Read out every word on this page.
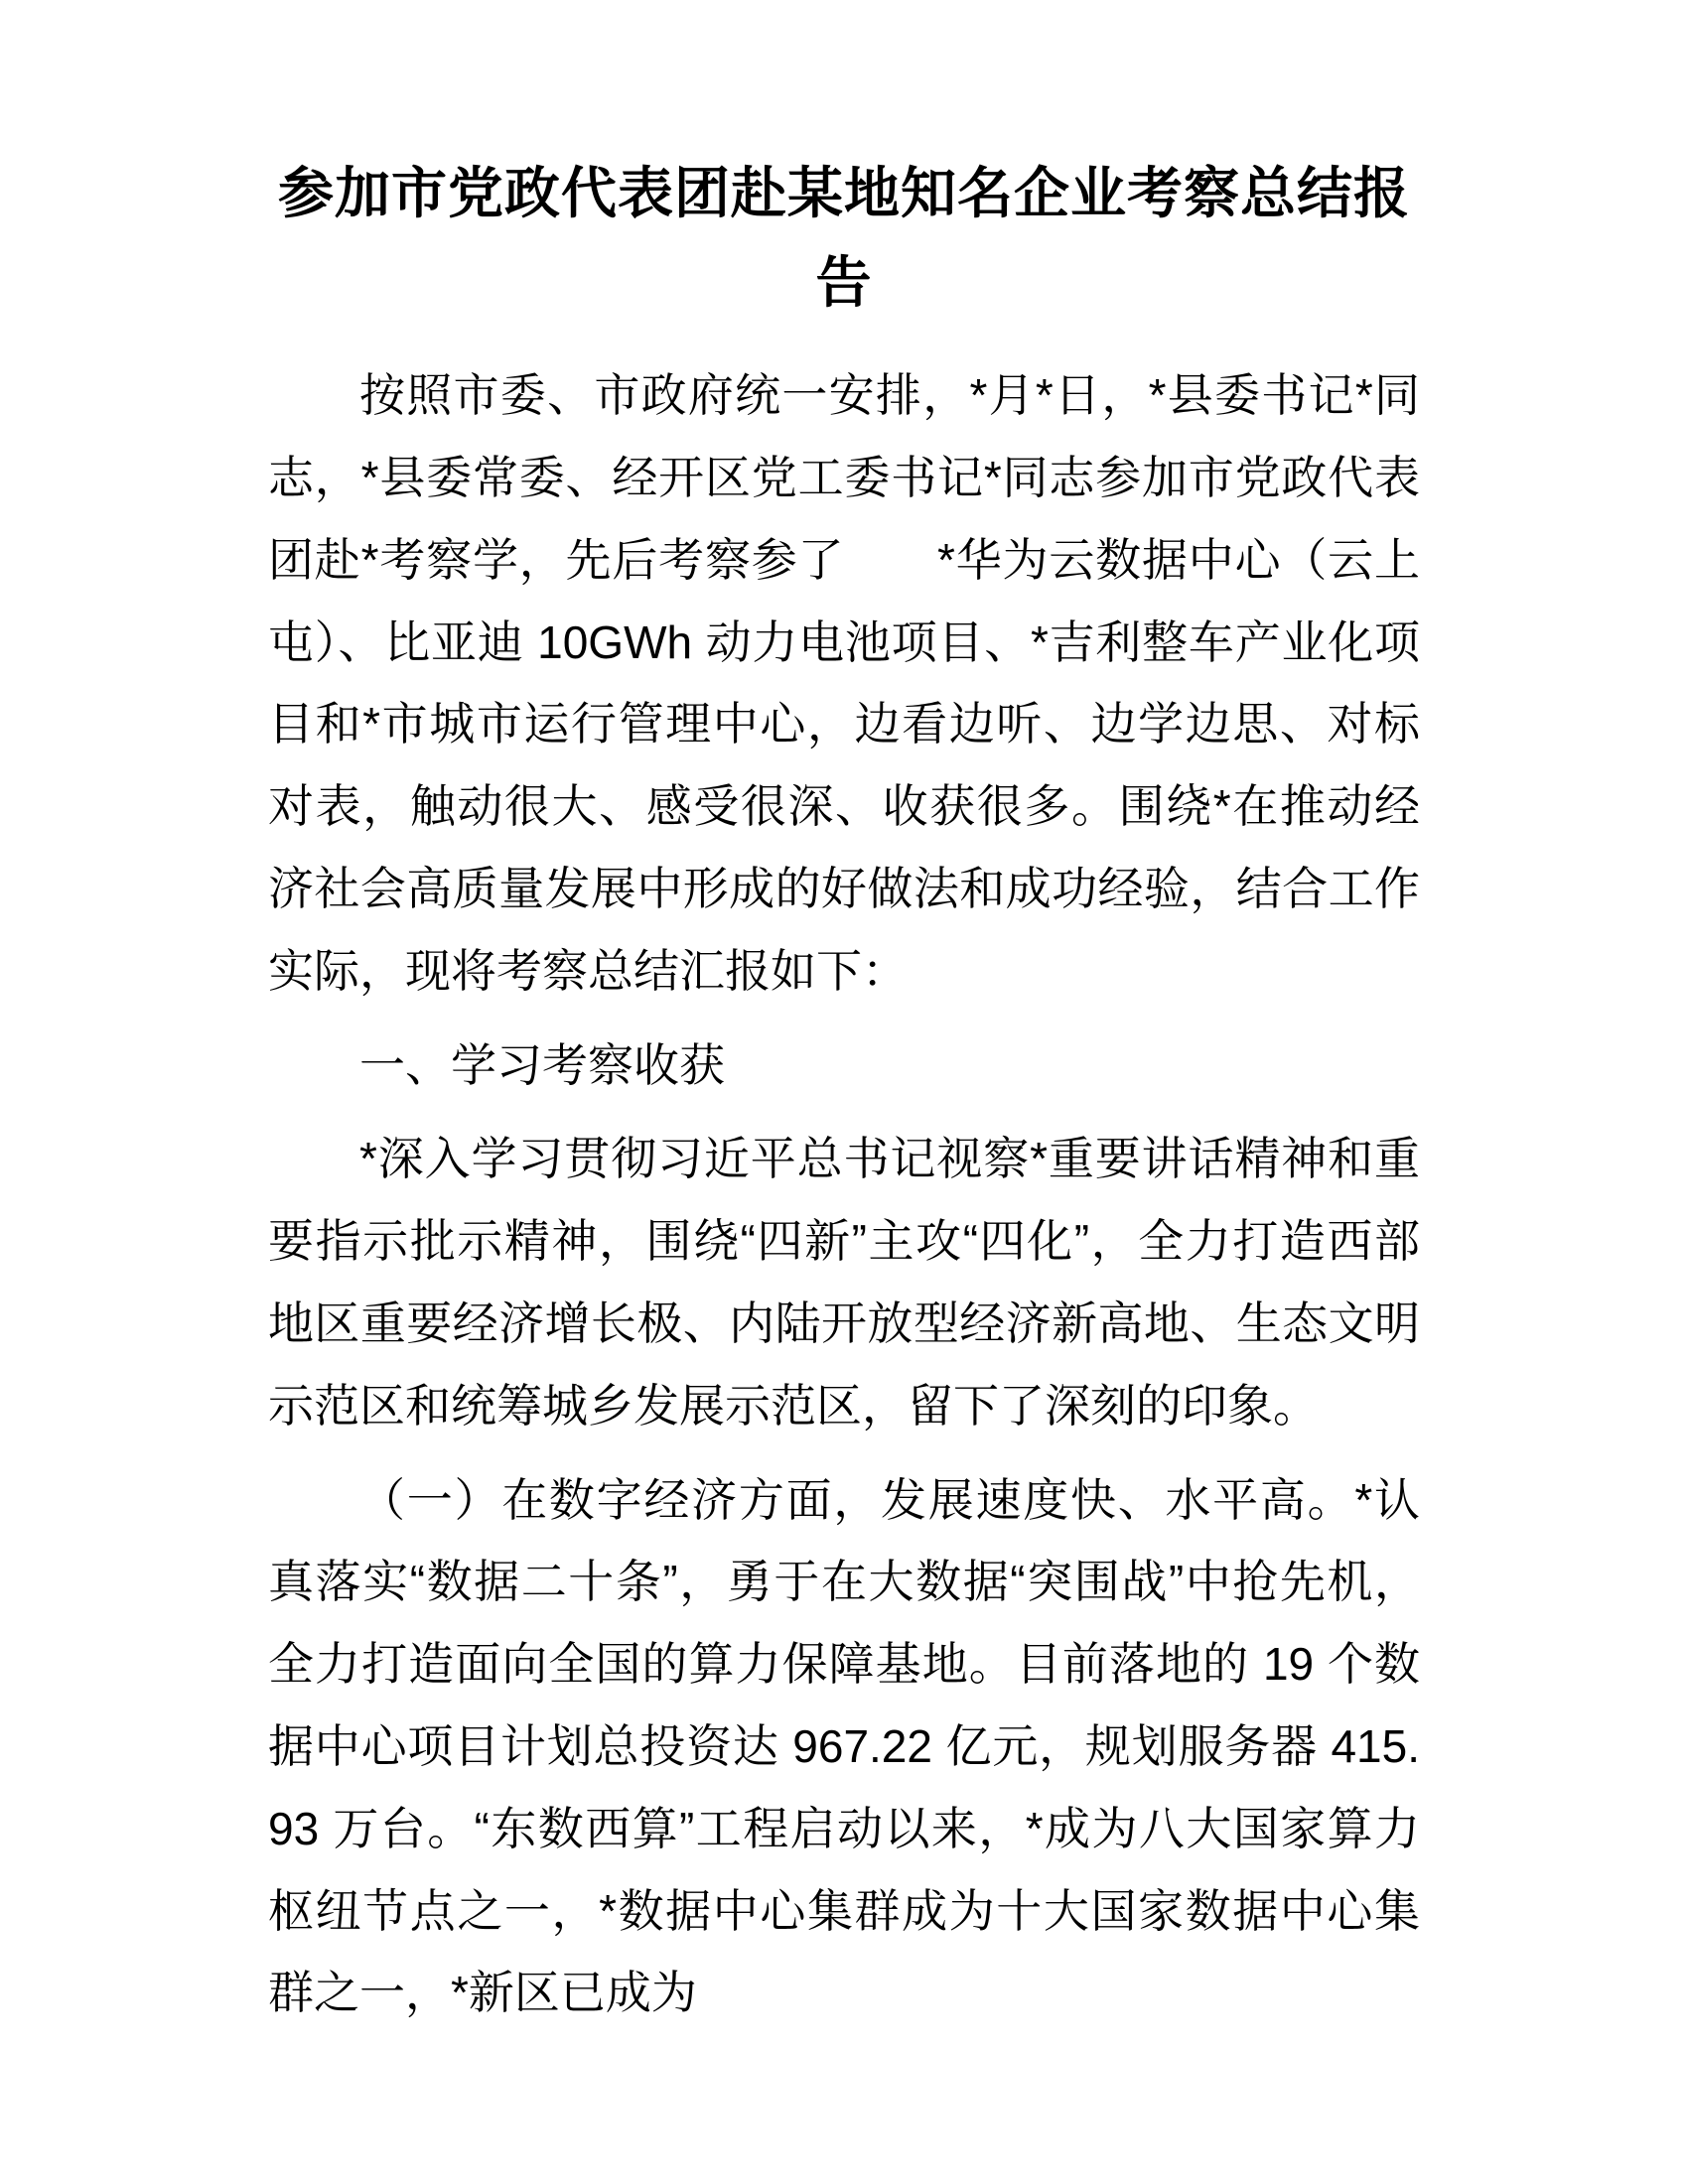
参加市党政代表团赴某地知名企业考察总结报告

按照市委、市政府统一安排，*月*日，*县委书记*同志，*县委常委、经开区党工委书记*同志参加市党政代表团赴*考察学，先后考察参了　　*华为云数据中心（云上屯）、比亚迪 10GWh 动力电池项目、*吉利整车产业化项目和*市城市运行管理中心，边看边听、边学边思、对标对表，触动很大、感受很深、收获很多。围绕*在推动经济社会高质量发展中形成的好做法和成功经验，结合工作实际，现将考察总结汇报如下：

一、学习考察收获

*深入学习贯彻习近平总书记视察*重要讲话精神和重要指示批示精神，围绕“四新”主攻“四化”，全力打造西部地区重要经济增长极、内陆开放型经济新高地、生态文明示范区和统筹城乡发展示范区，留下了深刻的印象。

（一）在数字经济方面，发展速度快、水平高。*认真落实“数据二十条”，勇于在大数据“突围战”中抢先机，全力打造面向全国的算力保障基地。目前落地的 19 个数据中心项目计划总投资达 967.22 亿元，规划服务器 415.93 万台。“东数西算”工程启动以来，*成为八大国家算力枢纽节点之一，*数据中心集群成为十大国家数据中心集群之一，*新区已成为
